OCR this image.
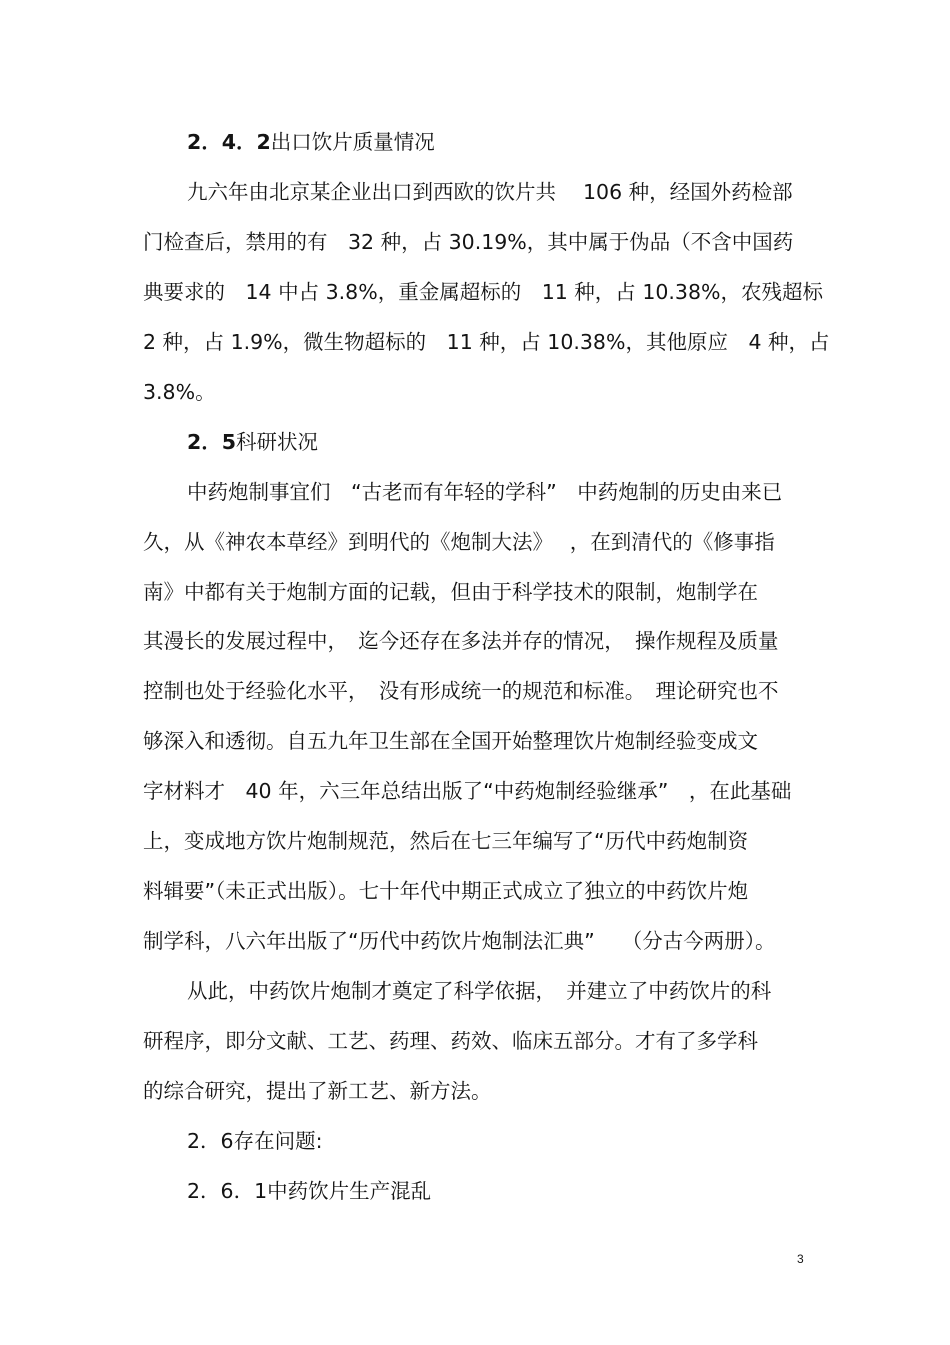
2．4．2出口饮片质量情况
九六年由北京某企业出口到西欧的饮片共　 106 种，经国外药检部
门检查后，禁用的有　32 种，占 30.19%，其中属于伪品（不含中国药
典要求的　14 中占 3.8%，重金属超标的　11 种，占 10.38%，农残超标
2 种，占 1.9%，微生物超标的　11 种，占 10.38%，其他原应　4 种，占
3.8%。
2．5科研状况
中药炮制事宜们　“古老而有年轻的学科”　中药炮制的历史由来已
久，从《神农本草经》到明代的《炮制大法》　 ，在到清代的《修事指
南》中都有关于炮制方面的记载，但由于科学技术的限制，炮制学在
其漫长的发展过程中，　迄今还存在多法并存的情况，　操作规程及质量
控制也处于经验化水平，　没有形成统一的规范和标准。　理论研究也不
够深入和透彻。自五九年卫生部在全国开始整理饮片炮制经验变成文
字材料才　40 年，六三年总结出版了“中药炮制经验继承”　，在此基础
上，变成地方饮片炮制规范，然后在七三年编写了“历代中药炮制资
料辑要”（未正式出版）。七十年代中期正式成立了独立的中药饮片炮
制学科，八六年出版了“历代中药饮片炮制法汇典”　 （分古今两册）。
从此，中药饮片炮制才奠定了科学依据，　并建立了中药饮片的科
研程序，即分文献、工艺、药理、药效、临床五部分。才有了多学科
的综合研究，提出了新工艺、新方法。
2．6存在问题:
2．6．1中药饮片生产混乱
3
